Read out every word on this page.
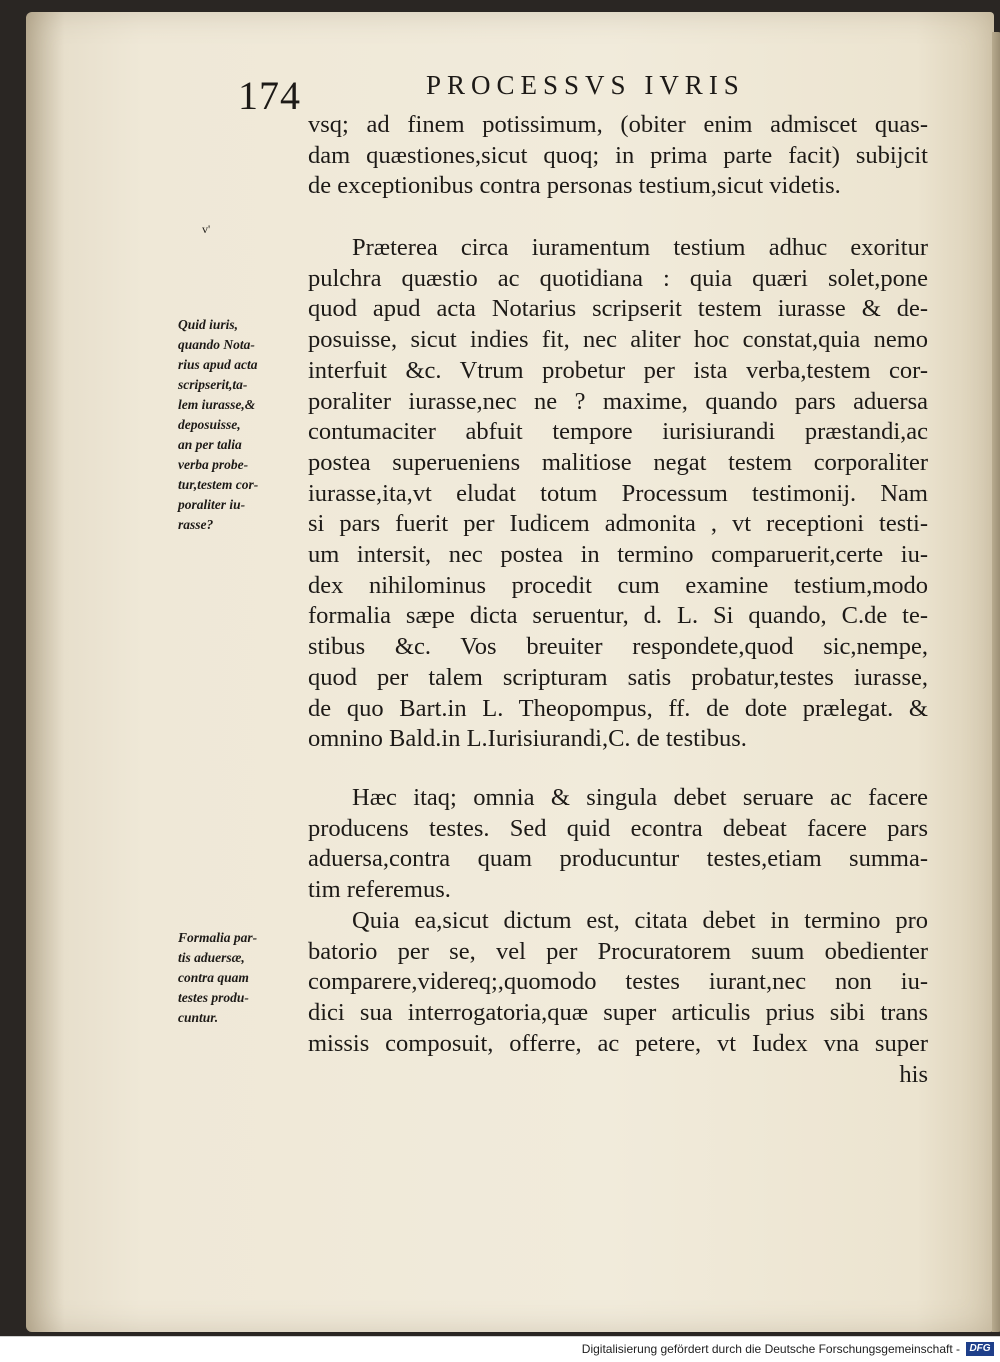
174	PROCESSVS IVRIS
v'
vsq; ad finem potissimum, (obiter enim admiscet quas-
dam quæstiones,sicut quoq; in prima parte facit) subijcit
de exceptionibus contra personas testium,sicut videtis.
Præterea circa iuramentum testium adhuc exoritur
pulchra quæstio ac quotidiana : quia quæri solet,pone
quod apud acta Notarius scripserit testem iurasse & de-
posuisse, sicut indies fit, nec aliter hoc constat,quia nemo
interfuit &c. Vtrum probetur per ista verba,testem cor-
poraliter iurasse,nec ne ? maxime, quando pars aduersa
contumaciter abfuit tempore iurisiurandi præstandi,ac
postea superueniens malitiose negat testem corporaliter
iurasse,ita,vt eludat totum Processum testimonij. Nam
si pars fuerit per Iudicem admonita , vt receptioni testi-
um intersit, nec postea in termino comparuerit,certe iu-
dex nihilominus procedit cum examine testium,modo
formalia sæpe dicta seruentur, d. L. Si quando, C.de te-
stibus &c. Vos breuiter respondete,quod sic,nempe,
quod per talem scripturam satis probatur,testes iurasse,
de quo Bart.in L. Theopompus, ff. de dote prælegat. &
omnino Bald.in L.Iurisiurandi,C. de testibus.
Hæc itaq; omnia & singula debet seruare ac facere
producens testes. Sed quid econtra debeat facere pars
aduersa,contra quam producuntur testes,etiam summa-
tim referemus.
Quia ea,sicut dictum est, citata debet in termino pro
batorio per se, vel per Procuratorem suum obedienter
comparere,videreq;,quomodo testes iurant,nec non iu-
dici sua interrogatoria,quæ super articulis prius sibi trans
missis composuit, offerre, ac petere, vt Iudex vna super
his
Quid iuris,
quando Nota-
rius apud acta
scripserit,ta-
lem iurasse,&
deposuisse,
an per talia
verba probe-
tur,testem cor-
poraliter iu-
rasse?
Formalia par-
tis aduersæ,
contra quam
testes produ-
cuntur.
Digitalisierung gefördert durch die Deutsche Forschungsgemeinschaft - DFG
